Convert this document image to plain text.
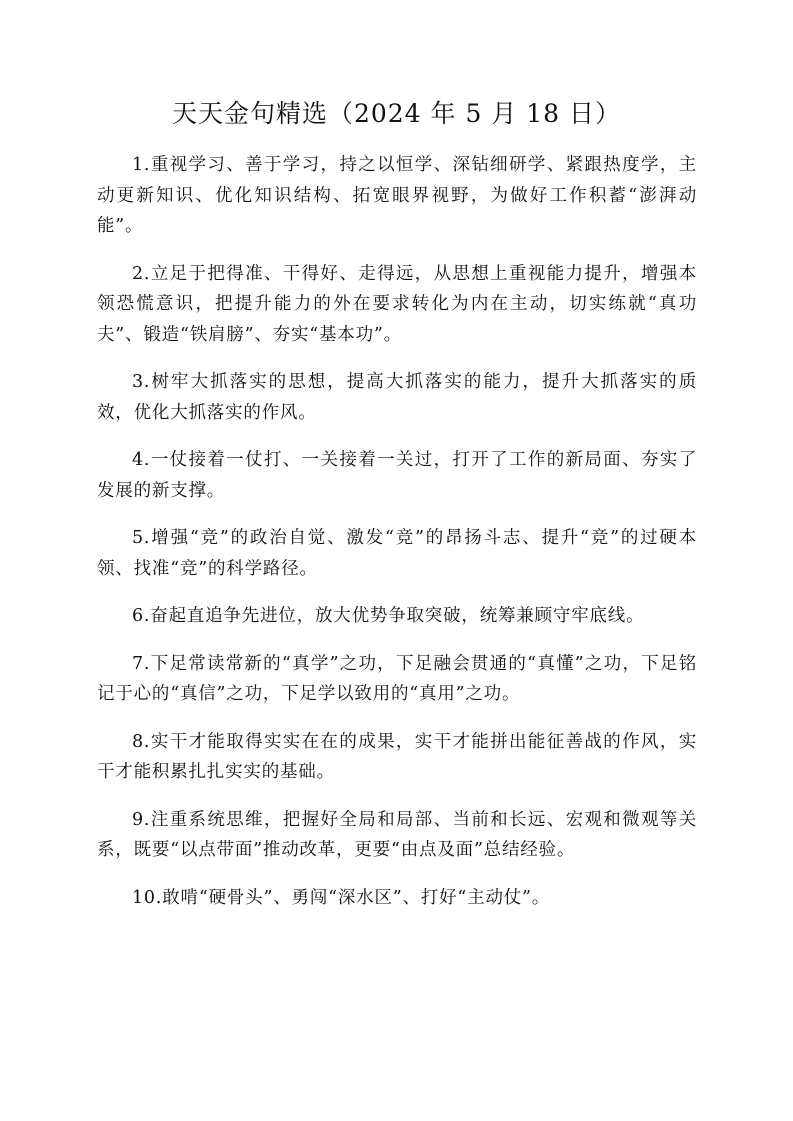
天天金句精选（2024 年 5 月 18 日）

1.重视学习、善于学习，持之以恒学、深钻细研学、紧跟热度学，主动更新知识、优化知识结构、拓宽眼界视野，为做好工作积蓄“澎湃动能”。

2.立足于把得准、干得好、走得远，从思想上重视能力提升，增强本领恐慌意识，把提升能力的外在要求转化为内在主动，切实练就“真功夫”、锻造“铁肩膀”、夯实“基本功”。

3.树牢大抓落实的思想，提高大抓落实的能力，提升大抓落实的质效，优化大抓落实的作风。

4.一仗接着一仗打、一关接着一关过，打开了工作的新局面、夯实了发展的新支撑。

5.增强“竞”的政治自觉、激发“竞”的昂扬斗志、提升“竞”的过硬本领、找准“竞”的科学路径。

6.奋起直追争先进位，放大优势争取突破，统筹兼顾守牢底线。

7.下足常读常新的“真学”之功，下足融会贯通的“真懂”之功，下足铭记于心的“真信”之功，下足学以致用的“真用”之功。

8.实干才能取得实实在在的成果，实干才能拼出能征善战的作风，实干才能积累扎扎实实的基础。

9.注重系统思维，把握好全局和局部、当前和长远、宏观和微观等关系，既要“以点带面”推动改革，更要“由点及面”总结经验。

10.敢啃“硬骨头”、勇闯“深水区”、打好“主动仗”。
